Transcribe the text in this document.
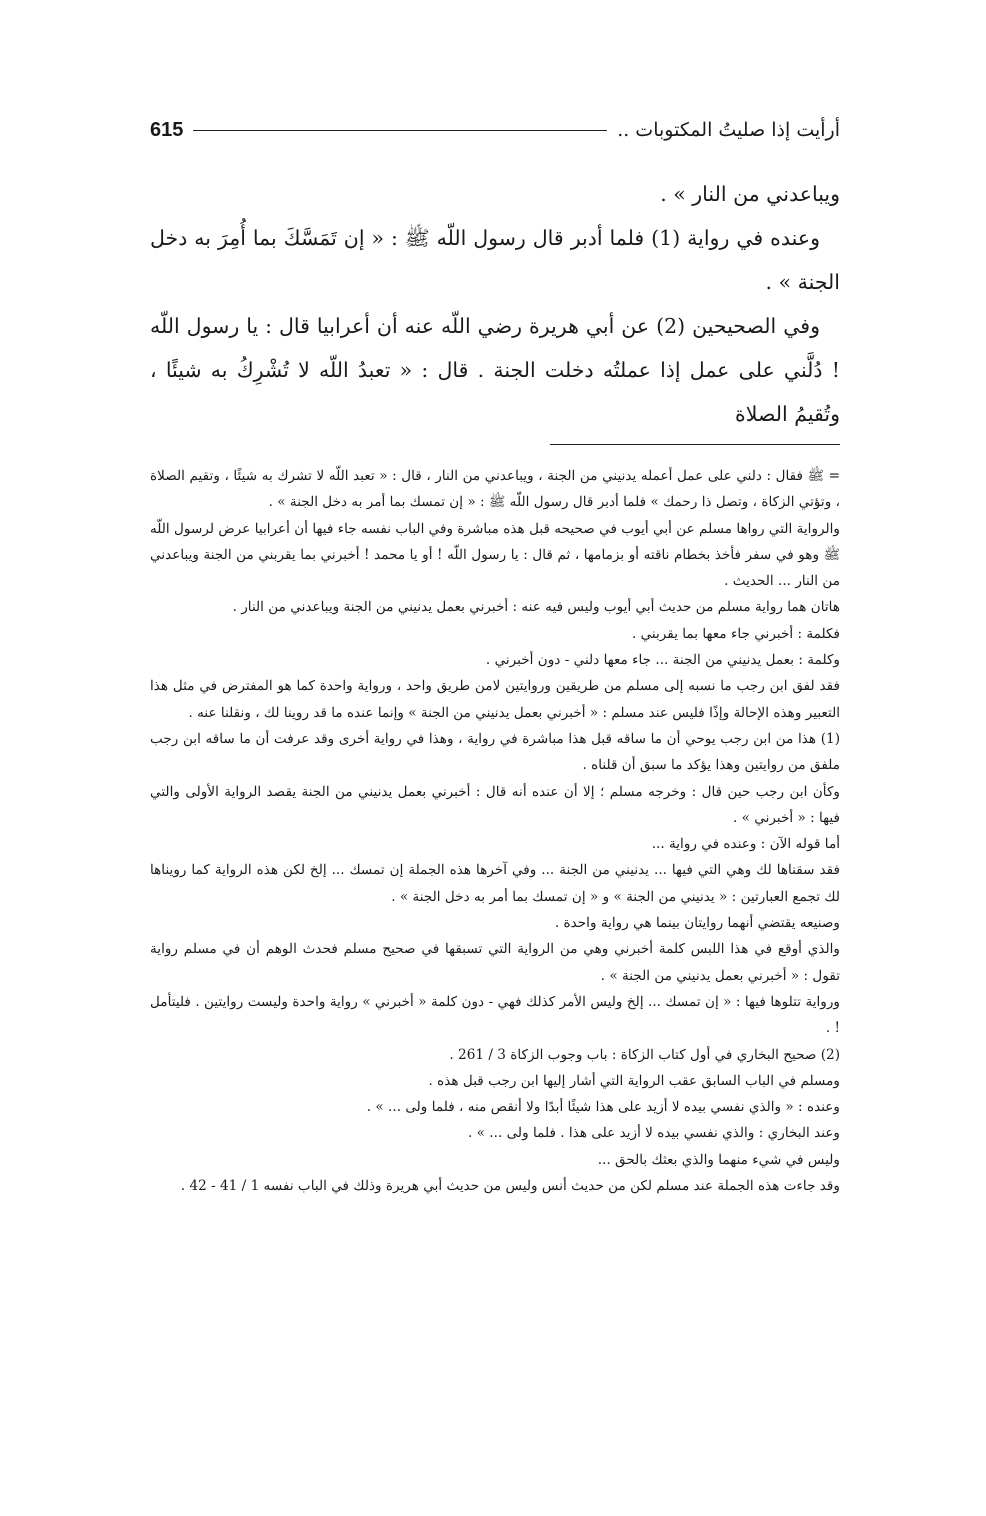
أرأيت إذا صليتُ المكتوبات ..
615

ويباعدني من النار » .

وعنده في رواية (1) فلما أدبر قال رسول اللّه ﷺ : « إن تَمَسَّكَ بما أُمِرَ به دخل الجنة » .

وفي الصحيحين (2) عن أبي هريرة رضي اللّه عنه أن أعرابيا قال : يا رسول اللّه ! دُلَّني على عمل إذا عملتُه دخلت الجنة . قال : « تعبدُ اللّه لا تُشْرِكُ به شيئًا ، وتُقيمُ الصلاة

= ﷺ فقال : دلني على عمل أعمله يدنيني من الجنة ، ويباعدني من النار ، قال : « تعبد اللّه لا تشرك به شيئًا ، وتقيم الصلاة ، وتؤتي الزكاة ، وتصل ذا رحمك » فلما أدبر قال رسول اللّه ﷺ : « إن تمسك بما أمر به دخل الجنة » .

والرواية التي رواها مسلم عن أبي أيوب في صحيحه قبل هذه مباشرة وفي الباب نفسه جاء فيها أن أعرابيا عرض لرسول اللّه ﷺ وهو في سفر فأخذ بخطام ناقته أو بزمامها ، ثم قال : يا رسول اللّه ! أو يا محمد ! أخبرني بما يقربني من الجنة ويباعدني من النار ... الحديث .

هاتان هما رواية مسلم من حديث أبي أيوب وليس فيه عنه : أخبرني بعمل يدنيني من الجنة ويباعدني من النار .

فكلمة : أخبرني جاء معها بما يقربني .

وكلمة : بعمل يدنيني من الجنة ... جاء معها دلني - دون أخبرني .

فقد لفق ابن رجب ما نسبه إلى مسلم من طريقين وروايتين لامن طريق واحد ، ورواية واحدة كما هو المفترض في مثل هذا التعبير وهذه الإحالة وإذًا فليس عند مسلم : « أخبرني بعمل يدنيني من الجنة » وإنما عنده ما قد روينا لك ، ونقلنا عنه .

(1) هذا من ابن رجب يوحي أن ما ساقه قبل هذا مباشرة في رواية ، وهذا في رواية أخرى وقد عرفت أن ما ساقه ابن رجب ملفق من روايتين وهذا يؤكد ما سبق أن قلناه .

وكأن ابن رجب حين قال : وخرجه مسلم ؛ إلا أن عنده أنه قال : أخبرني بعمل يدنيني من الجنة يقصد الرواية الأولى والتي فيها : « أخبرني » .

أما قوله الآن : وعنده في رواية ...

فقد سقناها لك وهي التي فيها ... يدنيني من الجنة ... وفي آخرها هذه الجملة إن تمسك ... إلخ لكن هذه الرواية كما رويناها لك تجمع العبارتين : « يدنيني من الجنة » و « إن تمسك بما أمر به دخل الجنة » .

وصنيعه يقتضي أنهما روايتان بينما هي رواية واحدة .

والذي أوقع في هذا اللبس كلمة أخبرني وهي من الرواية التي تسبقها في صحيح مسلم فحدث الوهم أن في مسلم رواية تقول : « أخبرني بعمل يدنيني من الجنة » .

ورواية تتلوها فيها : « إن تمسك ... إلخ وليس الأمر كذلك فهي - دون كلمة « أخبرني » رواية واحدة وليست روايتين . فليتأمل ! .

(2) صحيح البخاري في أول كتاب الزكاة : باب وجوب الزكاة 3 / 261 .

ومسلم في الباب السابق عقب الرواية التي أشار إليها ابن رجب قبل هذه .

وعنده : « والذي نفسي بيده لا أزيد على هذا شيئًا أبدًا ولا أنقص منه ، فلما ولى ... » .

وعند البخاري : والذي نفسي بيده لا أزيد على هذا . فلما ولى ... » .

وليس في شيء منهما والذي بعثك بالحق ...

وقد جاءت هذه الجملة عند مسلم لكن من حديث أنس وليس من حديث أبي هريرة وذلك في الباب نفسه 1 / 41 - 42 .
